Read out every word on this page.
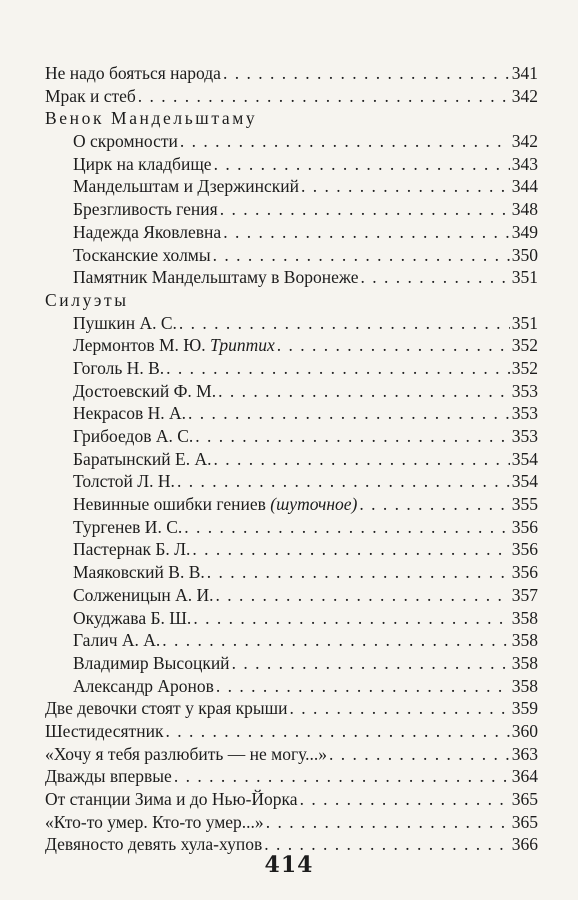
Не надо бояться народа . . .	341
Мрак и стеб . . .	342
Венок Мандельштаму
О скромности . . .	342
Цирк на кладбище . . .	343
Мандельштам и Дзержинский . . .	344
Брезгливость гения . . .	348
Надежда Яковлевна . . .	349
Тосканские холмы . . .	350
Памятник Мандельштаму в Воронеже . . .	351
Силуэты
Пушкин А. С. . . .	351
Лермонтов М. Ю. Триптих . . .	352
Гоголь Н. В. . . .	352
Достоевский Ф. М. . . .	353
Некрасов Н. А. . . .	353
Грибоедов А. С. . . .	353
Баратынский Е. А. . . .	354
Толстой Л. Н. . . .	354
Невинные ошибки гениев (шуточное) . . .	355
Тургенев И. С. . . .	356
Пастернак Б. Л. . . .	356
Маяковский В. В. . . .	356
Солженицын А. И. . . .	357
Окуджава Б. Ш. . . .	358
Галич А. А. . . .	358
Владимир Высоцкий . . .	358
Александр Аронов . . .	358
Две девочки стоят у края крыши . . .	359
Шестидесятник . . .	360
«Хочу я тебя разлюбить — не могу...» . . .	363
Дважды впервые . . .	364
От станции Зима и до Нью-Йорка . . .	365
«Кто-то умер. Кто-то умер...» . . .	365
Девяносто девять хула-хупов . . .	366
414
